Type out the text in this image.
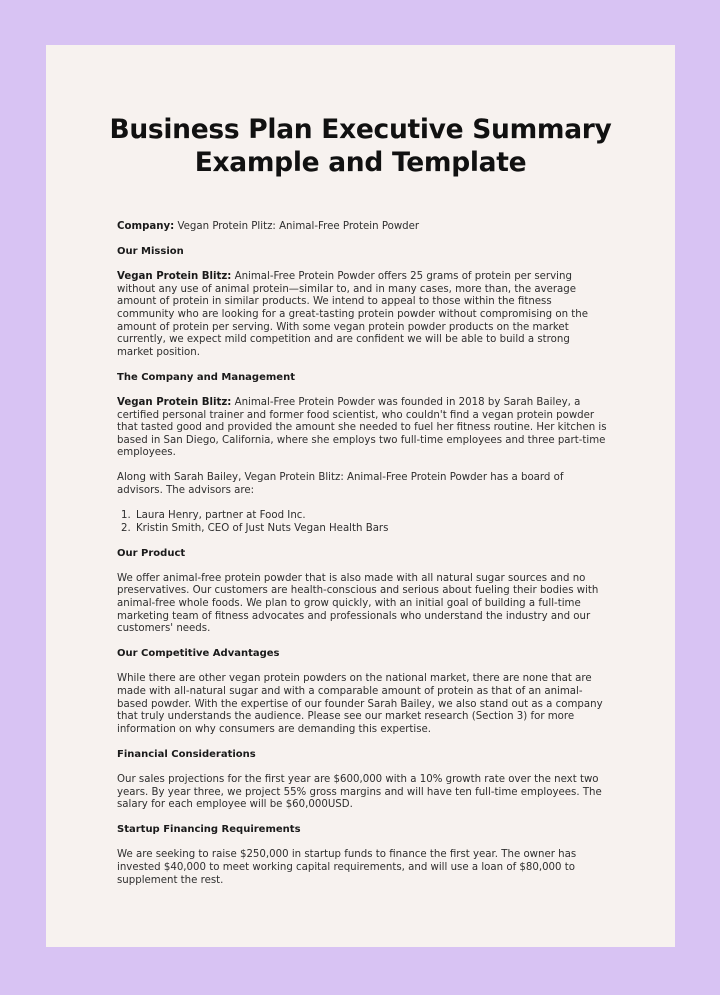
Business Plan Executive Summary
Example and Template

Company: Vegan Protein Plitz: Animal-Free Protein Powder

Our Mission

Vegan Protein Blitz: Animal-Free Protein Powder offers 25 grams of protein per serving without any use of animal protein—similar to, and in many cases, more than, the average amount of protein in similar products. We intend to appeal to those within the fitness community who are looking for a great-tasting protein powder without compromising on the amount of protein per serving. With some vegan protein powder products on the market currently, we expect mild competition and are confident we will be able to build a strong market position.

The Company and Management

Vegan Protein Blitz: Animal-Free Protein Powder was founded in 2018 by Sarah Bailey, a certified personal trainer and former food scientist, who couldn't find a vegan protein powder that tasted good and provided the amount she needed to fuel her fitness routine. Her kitchen is based in San Diego, California, where she employs two full-time employees and three part-time employees.

Along with Sarah Bailey, Vegan Protein Blitz: Animal-Free Protein Powder has a board of advisors. The advisors are:

1. Laura Henry, partner at Food Inc.
2. Kristin Smith, CEO of Just Nuts Vegan Health Bars
Our Product

We offer animal-free protein powder that is also made with all natural sugar sources and no preservatives. Our customers are health-conscious and serious about fueling their bodies with animal-free whole foods. We plan to grow quickly, with an initial goal of building a full-time marketing team of fitness advocates and professionals who understand the industry and our customers' needs.

Our Competitive Advantages

While there are other vegan protein powders on the national market, there are none that are made with all-natural sugar and with a comparable amount of protein as that of an animal-based powder. With the expertise of our founder Sarah Bailey, we also stand out as a company that truly understands the audience. Please see our market research (Section 3) for more information on why consumers are demanding this expertise.

Financial Considerations

Our sales projections for the first year are $600,000 with a 10% growth rate over the next two years. By year three, we project 55% gross margins and will have ten full-time employees. The salary for each employee will be $60,000USD.

Startup Financing Requirements

We are seeking to raise $250,000 in startup funds to finance the first year. The owner has invested $40,000 to meet working capital requirements, and will use a loan of $80,000 to supplement the rest.
